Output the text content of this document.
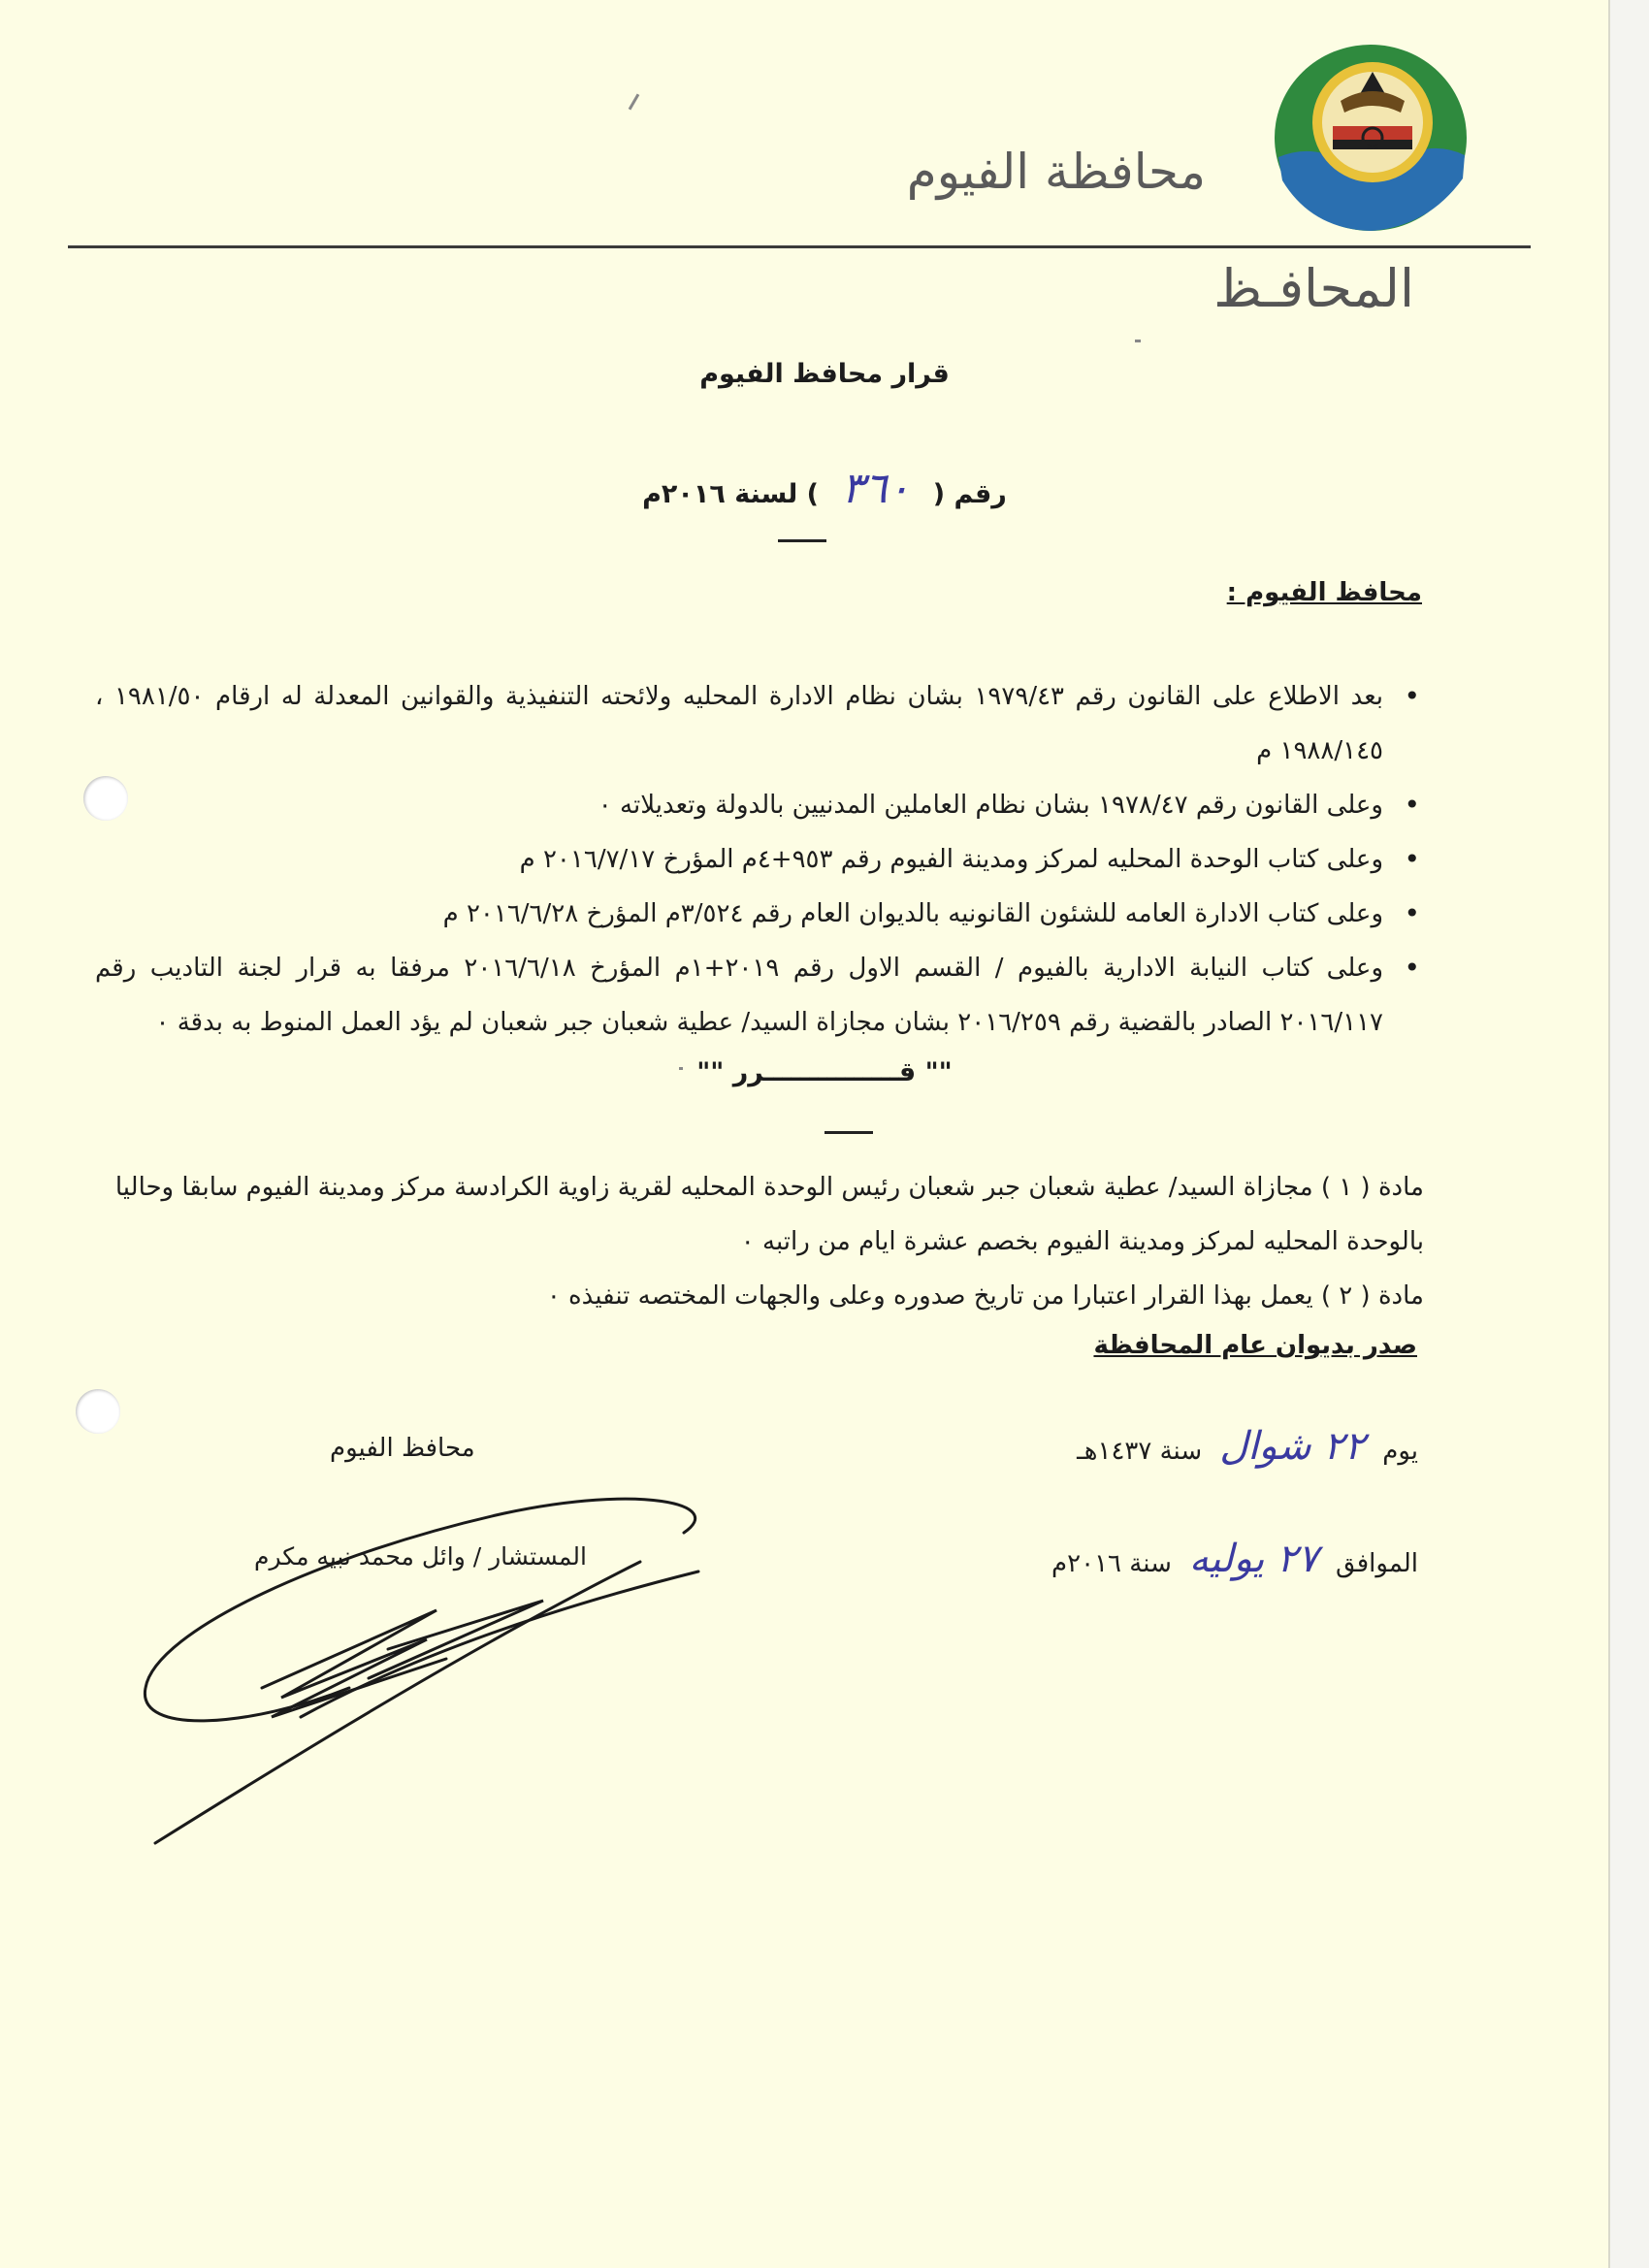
محافظة الفيوم
المحافـظ
قرار محافظ الفيوم
رقم ( ٣٦٠ ) لسنة ٢٠١٦م
محافظ الفيوم :
• بعد الاطلاع على القانون رقم ١٩٧٩/٤٣ بشان نظام الادارة المحليه ولائحته التنفيذية والقوانين المعدلة له ارقام ١٩٨١/٥٠ ، ١٩٨٨/١٤٥ م
• وعلى القانون رقم ١٩٧٨/٤٧ بشان نظام العاملين المدنيين بالدولة وتعديلاته ٠
• وعلى كتاب الوحدة المحليه لمركز ومدينة الفيوم رقم ٩٥٣+٤م المؤرخ ٢٠١٦/٧/١٧ م
• وعلى كتاب الادارة العامه للشئون القانونيه بالديوان العام رقم ٣/٥٢٤م المؤرخ ٢٠١٦/٦/٢٨ م
• وعلى كتاب النيابة الادارية بالفيوم / القسم الاول رقم ٢٠١٩+١م المؤرخ ٢٠١٦/٦/١٨ مرفقا به قرار لجنة التاديب رقم ٢٠١٦/١١٧ الصادر بالقضية رقم ٢٠١٦/٢٥٩ بشان مجازاة السيد/ عطية شعبان جبر شعبان لم يؤد العمل المنوط به بدقة ٠
"" قـــــــــــــــرر ""
مادة ( ١ ) مجازاة السيد/ عطية شعبان جبر شعبان رئيس الوحدة المحليه لقرية زاوية الكرادسة مركز ومدينة الفيوم سابقا وحاليا بالوحدة المحليه لمركز ومدينة الفيوم بخصم عشرة ايام من راتبه ٠
مادة ( ٢ ) يعمل بهذا القرار اعتبارا من تاريخ صدوره وعلى والجهات المختصه تنفيذه ٠
صدر بديوان عام المحافظة
يوم
٢٢ شوال
سنة ١٤٣٧هـ
الموافق
٢٧ يوليه
سنة ٢٠١٦م
محافظ الفيوم
المستشار / وائل محمد نبيه مكرم
